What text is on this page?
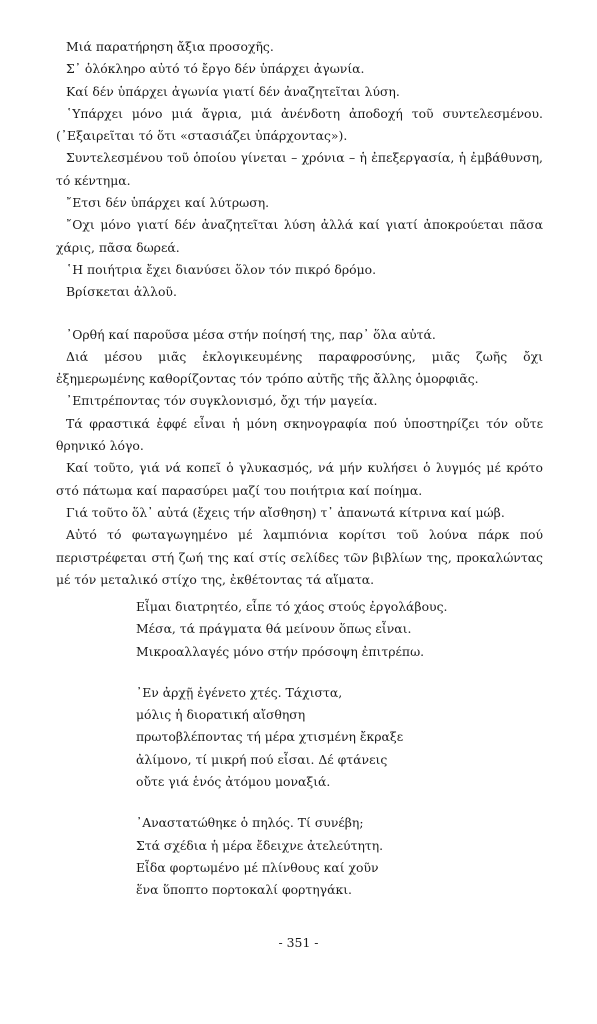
Μιά παρατήρηση ἄξια προσοχῆς.

Σ᾽ ὁλόκληρο αὐτό τό ἔργο δέν ὑπάρχει ἀγωνία.

Καί δέν ὑπάρχει ἀγωνία γιατί δέν ἀναζητεῖται λύση.

῾Υπάρχει μόνο μιά ἄγρια, μιά ἀνένδοτη ἀποδοχή τοῦ συντελεσμένου. (᾽Εξαιρεῖται τό ὅτι «στασιάζει ὑπάρχοντας»).

Συντελεσμένου τοῦ ὁποίου γίνεται – χρόνια – ἡ ἐπεξεργασία, ἡ ἐμβάθυνση, τό κέντημα.

῎Ετσι δέν ὑπάρχει καί λύτρωση.

῎Οχι μόνο γιατί δέν ἀναζητεῖται λύση ἀλλά καί γιατί ἀποκρούεται πᾶσα χάρις, πᾶσα δωρεά.

῾Η ποιήτρια ἔχει διανύσει ὅλον τόν πικρό δρόμο.

Βρίσκεται ἀλλοῦ.

᾽Ορθή καί παροῦσα μέσα στήν ποίησή της, παρ᾽ ὅλα αὐτά.

Διά μέσου μιᾶς ἐκλογικευμένης παραφροσύνης, μιᾶς ζωῆς ὄχι ἐξημερωμένης καθορίζοντας τόν τρόπο αὐτῆς τῆς ἄλλης ὁμορφιᾶς.

᾽Επιτρέποντας τόν συγκλονισμό, ὄχι τήν μαγεία.

Τά φραστικά ἐφφέ εἶναι ἡ μόνη σκηνογραφία πού ὑποστηρίζει τόν οὔτε θρηνικό λόγο.

Καί τοῦτο, γιά νά κοπεῖ ὁ γλυκασμός, νά μήν κυλήσει ὁ λυγμός μέ κρότο στό πάτωμα καί παρασύρει μαζί του ποιήτρια καί ποίημα.

Γιά τοῦτο ὅλ᾽ αὐτά (ἔχεις τήν αἴσθηση) τ᾽ ἀπανωτά κίτρινα καί μώβ.

Αὐτό τό φωταγωγημένο μέ λαμπιόνια κορίτσι τοῦ λούνα πάρκ πού περιστρέφεται στή ζωή της καί στίς σελίδες τῶν βιβλίων της, προκαλώντας μέ τόν μεταλικό στίχο της, ἐκθέτοντας τά αἵματα.

Εἶμαι διατρητέο, εἶπε τό χάος στούς ἐργολάβους.
Μέσα, τά πράγματα θά μείνουν ὅπως εἶναι.
Μικροαλλαγές μόνο στήν πρόσοψη ἐπιτρέπω.
᾽Εν ἀρχῇ ἐγένετο χτές. Τάχιστα,
μόλις ἡ διορατική αἴσθηση
πρωτοβλέποντας τή μέρα χτισμένη ἔκραξε
ἀλίμονο, τί μικρή πού εἶσαι. Δέ φτάνεις
οὔτε γιά ἑνός ἀτόμου μοναξιά.
᾽Αναστατώθηκε ὁ πηλός. Τί συνέβη;
Στά σχέδια ἡ μέρα ἔδειχνε ἀτελεύτητη.
Εἶδα φορτωμένο μέ πλίνθους καί χοῦν
ἕνα ὕποπτο πορτοκαλί φορτηγάκι.
- 351 -
